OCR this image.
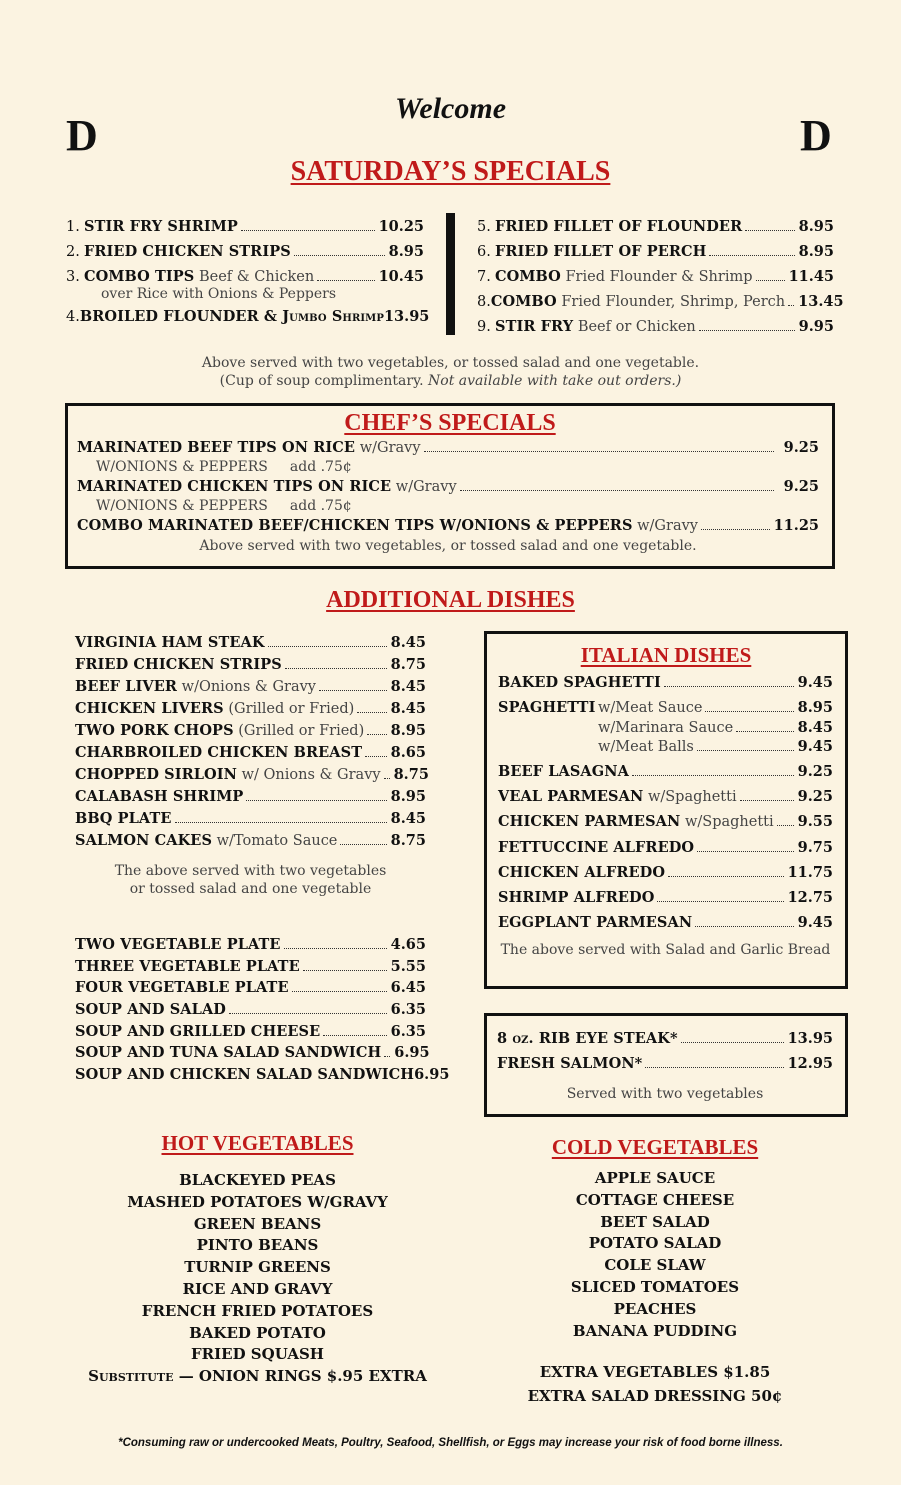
D	D
Welcome
SATURDAY’S SPECIALS
1. STIR FRY SHRIMP	10.25
2. FRIED CHICKEN STRIPS	8.95
3. COMBO TIPS Beef & Chicken	10.45
over Rice with Onions & Peppers
4. BROILED FLOUNDER & Jumbo Shrimp 13.95
5. FRIED FILLET OF FLOUNDER	8.95
6. FRIED FILLET OF PERCH	8.95
7. COMBO Fried Flounder & Shrimp 11.45
8. COMBO Fried Flounder, Shrimp, Perch 13.45
9. STIR FRY Beef or Chicken	9.95
Above served with two vegetables, or tossed salad and one vegetable.
(Cup of soup complimentary. Not available with take out orders.)
CHEF’S SPECIALS
MARINATED BEEF TIPS ON RICE w/Gravy	9.25
W/ONIONS & PEPPERS add .75¢
MARINATED CHICKEN TIPS ON RICE w/Gravy	9.25
W/ONIONS & PEPPERS add .75¢
COMBO MARINATED BEEF/CHICKEN TIPS W/ONIONS & PEPPERS w/Gravy	11.25
Above served with two vegetables, or tossed salad and one vegetable.
ADDITIONAL DISHES
VIRGINIA HAM STEAK	8.45
FRIED CHICKEN STRIPS	8.75
BEEF LIVER w/Onions & Gravy	8.45
CHICKEN LIVERS (Grilled or Fried)	8.45
TWO PORK CHOPS (Grilled or Fried) 8.95
CHARBROILED CHICKEN BREAST 8.65
CHOPPED SIRLOIN w/ Onions & Gravy 8.75
CALABASH SHRIMP	8.95
BBQ PLATE	8.45
SALMON CAKES w/Tomato Sauce	8.75
The above served with two vegetables
or tossed salad and one vegetable
TWO VEGETABLE PLATE	4.65
THREE VEGETABLE PLATE	5.55
FOUR VEGETABLE PLATE	6.45
SOUP AND SALAD	6.35
SOUP AND GRILLED CHEESE	6.35
SOUP AND TUNA SALAD SANDWICH 6.95
SOUP AND CHICKEN SALAD SANDWICH 6.95
ITALIAN DISHES
BAKED SPAGHETTI	9.45
SPAGHETTI w/Meat Sauce	8.95
w/Marinara Sauce	8.45
w/Meat Balls	9.45
BEEF LASAGNA	9.25
VEAL PARMESAN w/Spaghetti	9.25
CHICKEN PARMESAN w/Spaghetti 9.55
FETTUCCINE ALFREDO	9.75
CHICKEN ALFREDO	11.75
SHRIMP ALFREDO	12.75
EGGPLANT PARMESAN	9.45
The above served with Salad and Garlic Bread
8 oz. RIB EYE STEAK*	13.95
FRESH SALMON*	12.95
Served with two vegetables
HOT VEGETABLES
BLACKEYED PEAS
MASHED POTATOES W/GRAVY
GREEN BEANS
PINTO BEANS
TURNIP GREENS
RICE AND GRAVY
FRENCH FRIED POTATOES
BAKED POTATO
FRIED SQUASH
Substitute — ONION RINGS $.95 EXTRA
COLD VEGETABLES
APPLE SAUCE
COTTAGE CHEESE
BEET SALAD
POTATO SALAD
COLE SLAW
SLICED TOMATOES
PEACHES
BANANA PUDDING
EXTRA VEGETABLES $1.85
EXTRA SALAD DRESSING 50¢
*Consuming raw or undercooked Meats, Poultry, Seafood, Shellfish, or Eggs may increase your risk of food borne illness.
